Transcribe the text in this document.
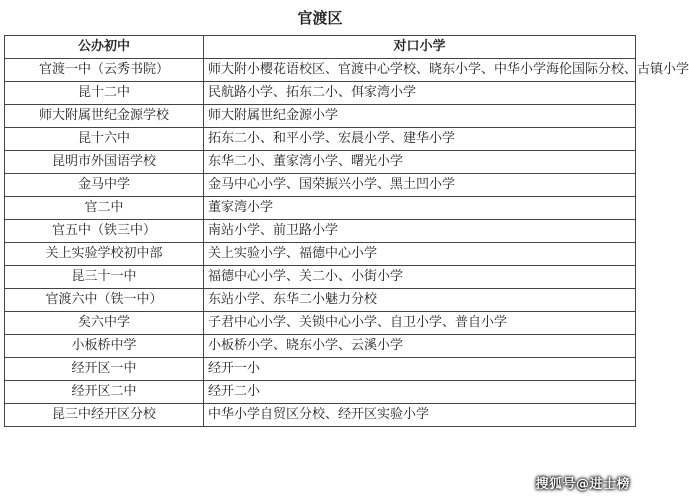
官渡区
公办初中	对口小学
官渡一中（云秀书院）	师大附小樱花语校区、官渡中心学校、晓东小学、中华小学海伦国际分校、古镇小学
昆十二中	民航路小学、拓东二小、佴家湾小学
师大附属世纪金源学校	师大附属世纪金源小学
昆十六中	拓东二小、和平小学、宏晨小学、建华小学
昆明市外国语学校	东华二小、董家湾小学、曙光小学
金马中学	金马中心小学、国荣振兴小学、黑土凹小学
官二中	董家湾小学
官五中（铁三中）	南站小学、前卫路小学
关上实验学校初中部	关上实验小学、福德中心小学
昆三十一中	福德中心小学、关二小、小街小学
官渡六中（铁一中）	东站小学、东华二小魅力分校
矣六中学	子君中心小学、关锁中心小学、自卫小学、普自小学
小板桥中学	小板桥小学、晓东小学、云溪小学
经开区一中	经开一小
经开区二中	经开二小
昆三中经开区分校	中华小学自贸区分校、经开区实验小学
搜狐号@进士榜
